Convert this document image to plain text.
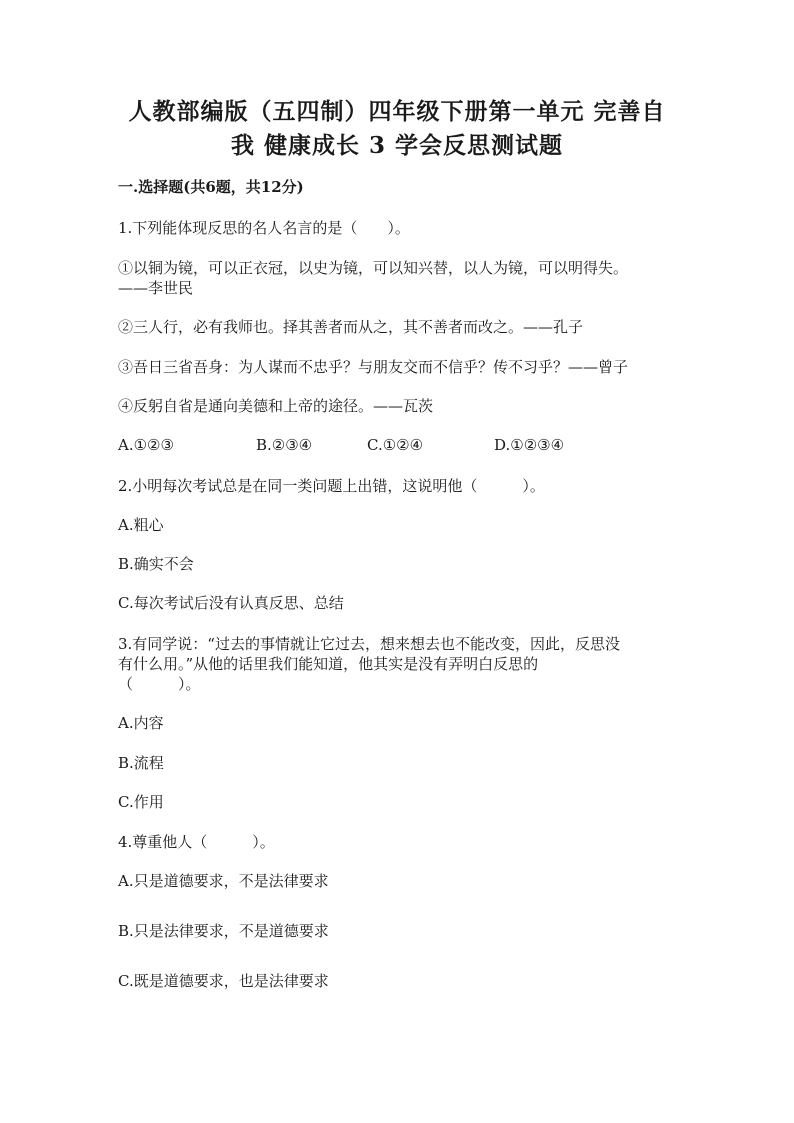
人教部编版（五四制）四年级下册第一单元 完善自
我 健康成长 3 学会反思测试题
一.选择题(共6题，共12分)
1.下列能体现反思的名人名言的是（　　）。
①以铜为镜，可以正衣冠，以史为镜，可以知兴替，以人为镜，可以明得失。
——李世民
②三人行，必有我师也。择其善者而从之，其不善者而改之。——孔子
③吾日三省吾身：为人谋而不忠乎？与朋友交而不信乎？传不习乎？——曾子
④反躬自省是通向美德和上帝的途径。——瓦茨
A.①②③	B.②③④	C.①②④	D.①②③④
2.小明每次考试总是在同一类问题上出错，这说明他（　　　）。
A.粗心
B.确实不会
C.每次考试后没有认真反思、总结
3.有同学说：“过去的事情就让它过去，想来想去也不能改变，因此，反思没
有什么用。”从他的话里我们能知道，他其实是没有弄明白反思的
（　　　）。
A.内容
B.流程
C.作用
4.尊重他人（　　　）。
A.只是道德要求，不是法律要求
B.只是法律要求，不是道德要求
C.既是道德要求，也是法律要求
